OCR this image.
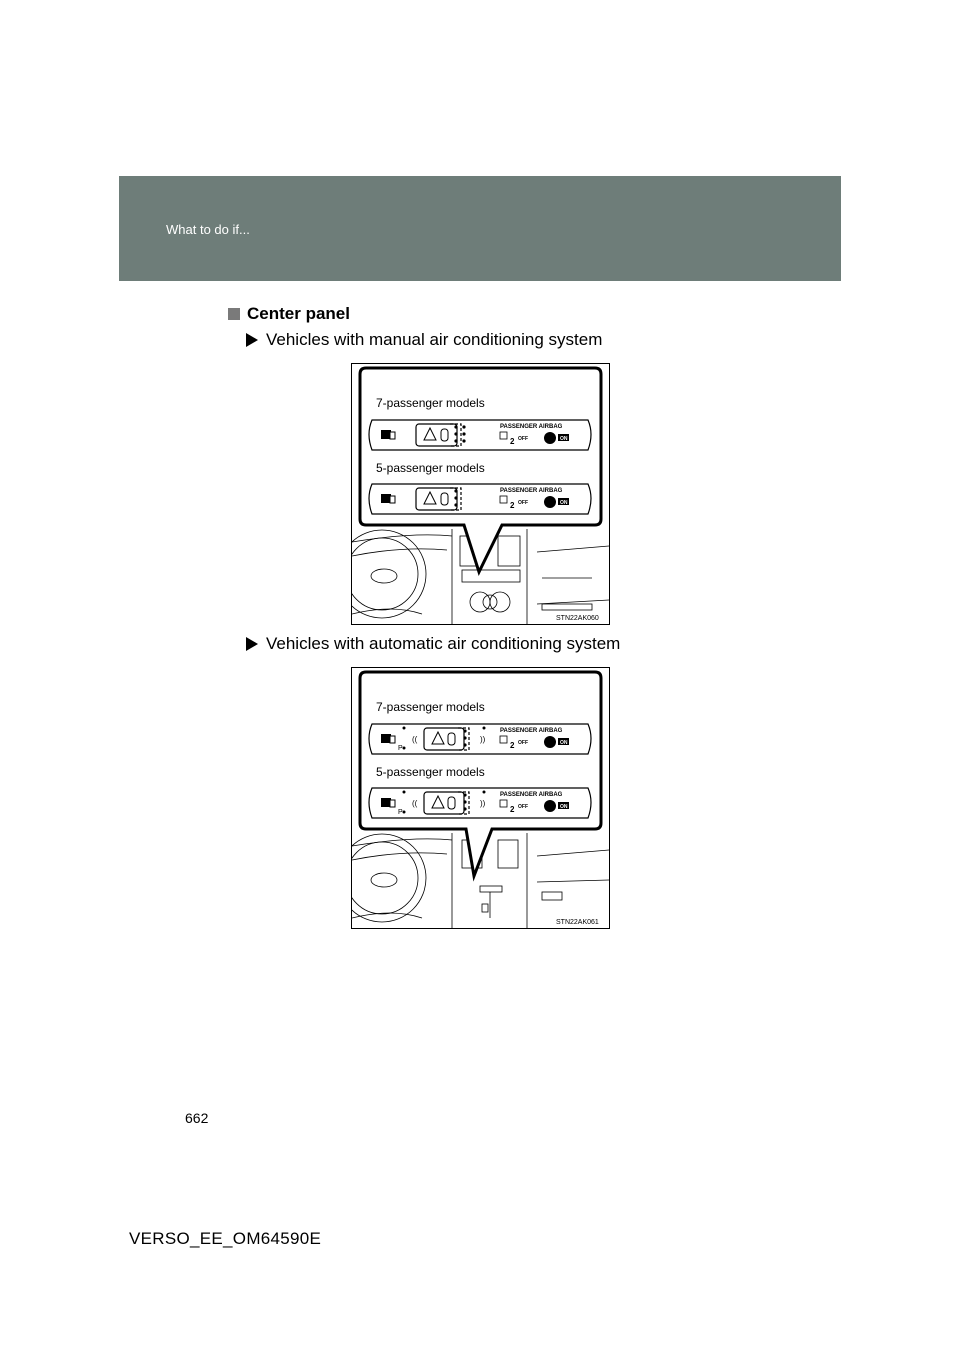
What to do if...
Center panel
Vehicles with manual air conditioning system
7-passenger models
5-passenger models
PASSENGER AIRBAG
2 OFF	ON
PASSENGER AIRBAG
2 OFF	ON
STN22AK060
Vehicles with automatic air conditioning system
7-passenger models
5-passenger models
P
((	))
PASSENGER AIRBAG
2 OFF	ON
P
((	))
PASSENGER AIRBAG
2 OFF	ON
STN22AK061
662
VERSO_EE_OM64590E
